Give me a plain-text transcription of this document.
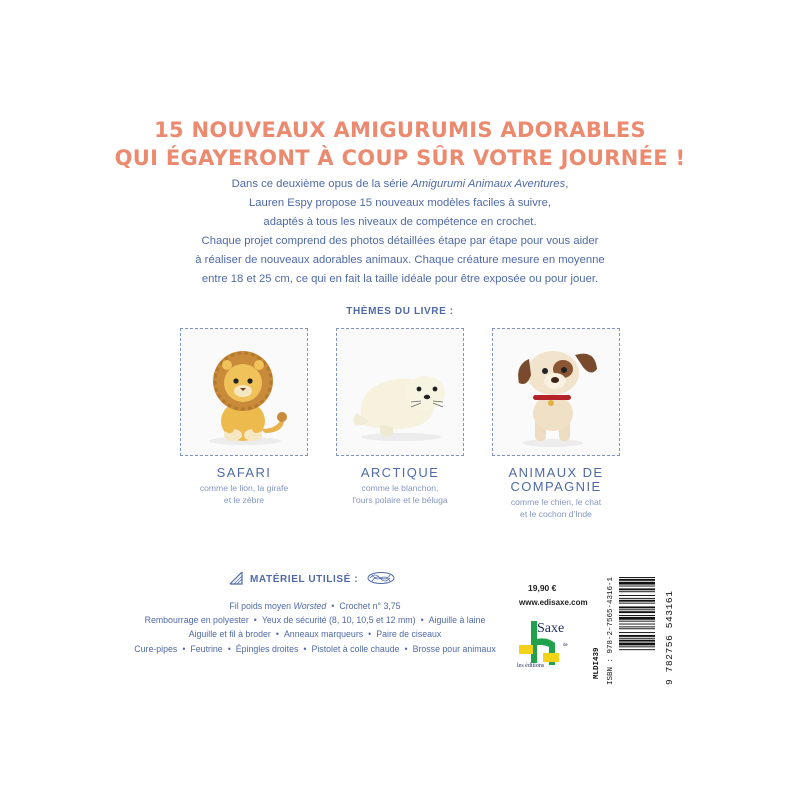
15 NOUVEAUX AMIGURUMIS ADORABLES
QUI ÉGAYERONT À COUP SÛR VOTRE JOURNÉE !
Dans ce deuxième opus de la série Amigurumi Animaux Aventures,
Lauren Espy propose 15 nouveaux modèles faciles à suivre,
adaptés à tous les niveaux de compétence en crochet.
Chaque projet comprend des photos détaillées étape par étape pour vous aider
à réaliser de nouveaux adorables animaux. Chaque créature mesure en moyenne
entre 18 et 25 cm, ce qui en fait la taille idéale pour être exposée ou pour jouer.
THÈMES DU LIVRE :
SAFARI
comme le lion, la girafe
et le zèbre
ARCTIQUE
comme le blanchon,
l'ours polaire et le béluga
ANIMAUX DE
COMPAGNIE
comme le chien, le chat
et le cochon d'Inde
MATÉRIEL UTILISÉ :
Fil poids moyen Worsted • Crochet n° 3,75
Rembourrage en polyester • Yeux de sécurité (8, 10, 10,5 et 12 mm) • Aiguille à laine
Aiguille et fil à broder • Anneaux marqueurs • Paire de ciseaux
Cure-pipes • Feutrine • Épingles droites • Pistolet à colle chaude • Brosse pour animaux
19,90 €
www.edisaxe.com
Saxe
de
les éditions	MLDI439 ISBN : 978-2-7565-4316-1	9 782756 543161
